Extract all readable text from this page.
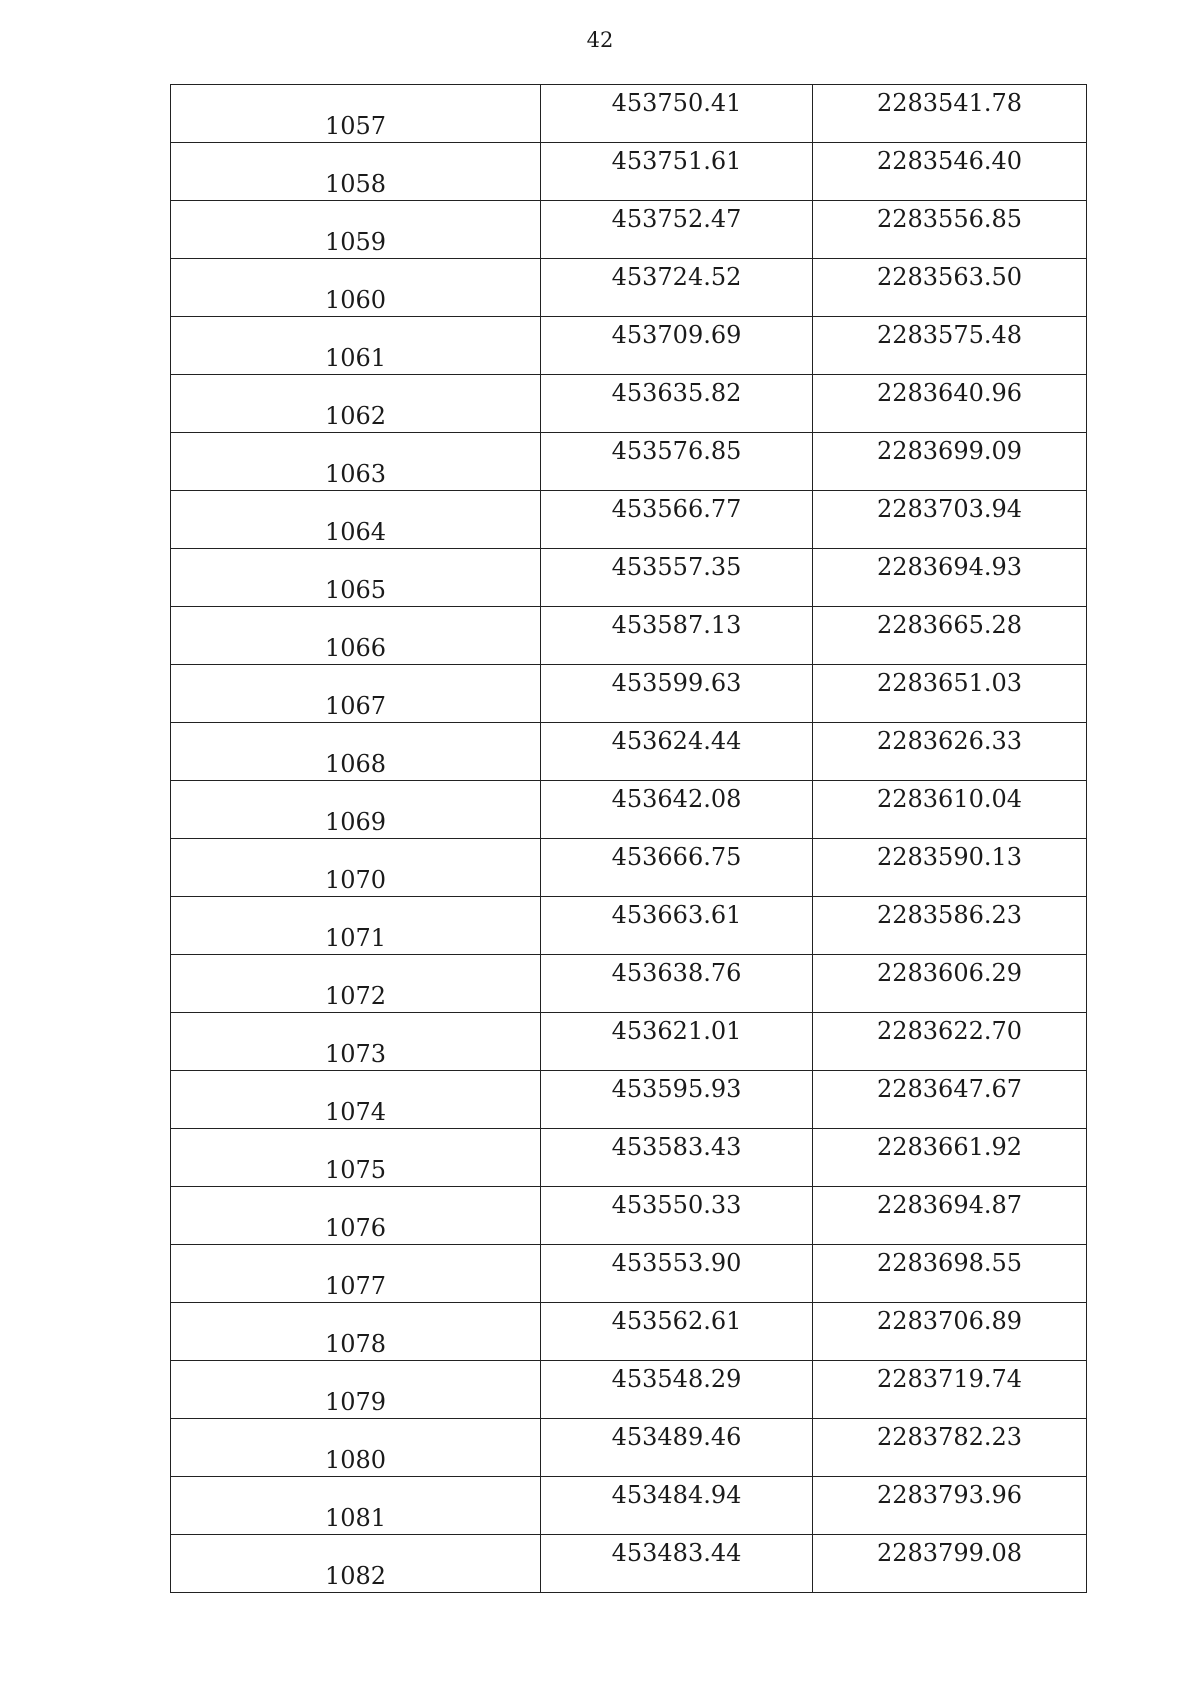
42
1057	453750.41	2283541.78
1058	453751.61	2283546.40
1059	453752.47	2283556.85
1060	453724.52	2283563.50
1061	453709.69	2283575.48
1062	453635.82	2283640.96
1063	453576.85	2283699.09
1064	453566.77	2283703.94
1065	453557.35	2283694.93
1066	453587.13	2283665.28
1067	453599.63	2283651.03
1068	453624.44	2283626.33
1069	453642.08	2283610.04
1070	453666.75	2283590.13
1071	453663.61	2283586.23
1072	453638.76	2283606.29
1073	453621.01	2283622.70
1074	453595.93	2283647.67
1075	453583.43	2283661.92
1076	453550.33	2283694.87
1077	453553.90	2283698.55
1078	453562.61	2283706.89
1079	453548.29	2283719.74
1080	453489.46	2283782.23
1081	453484.94	2283793.96
1082	453483.44	2283799.08
